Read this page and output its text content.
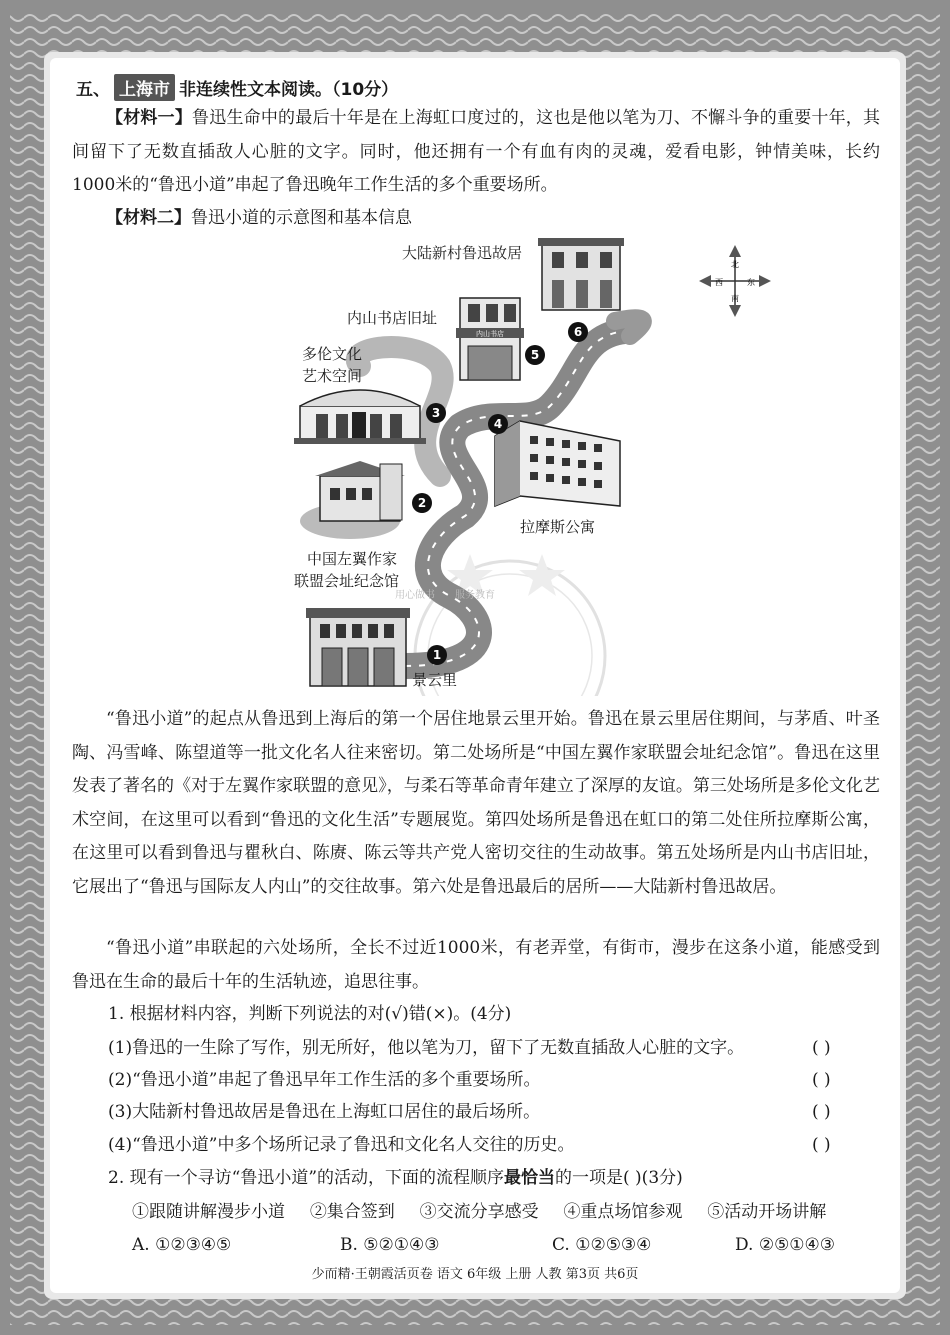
五、 上海市 非连续性文本阅读。（10分）
【材料一】鲁迅生命中的最后十年是在上海虹口度过的，这也是他以笔为刀、不懈斗争的重要十年，其间留下了无数直插敌人心脏的文字。同时，他还拥有一个有血有肉的灵魂，爱看电影，钟情美味，长约1000米的“鲁迅小道”串起了鲁迅晚年工作生活的多个重要场所。
【材料二】鲁迅小道的示意图和基本信息
内山书店
北
南
西	东
1
景云里
2
中国左翼作家
联盟会址纪念馆
3
多伦文化
艺术空间
4
拉摩斯公寓
5
内山书店旧址
6
大陆新村鲁迅故居
用心做书 服务教育
“鲁迅小道”的起点从鲁迅到上海后的第一个居住地景云里开始。鲁迅在景云里居住期间，与茅盾、叶圣陶、冯雪峰、陈望道等一批文化名人往来密切。第二处场所是“中国左翼作家联盟会址纪念馆”。鲁迅在这里发表了著名的《对于左翼作家联盟的意见》，与柔石等革命青年建立了深厚的友谊。第三处场所是多伦文化艺术空间，在这里可以看到“鲁迅的文化生活”专题展览。第四处场所是鲁迅在虹口的第二处住所拉摩斯公寓，在这里可以看到鲁迅与瞿秋白、陈赓、陈云等共产党人密切交往的生动故事。第五处场所是内山书店旧址，它展出了“鲁迅与国际友人内山”的交往故事。第六处是鲁迅最后的居所——大陆新村鲁迅故居。
“鲁迅小道”串联起的六处场所，全长不过近1000米，有老弄堂，有街市，漫步在这条小道，能感受到鲁迅在生命的最后十年的生活轨迹，追思往事。
1. 根据材料内容，判断下列说法的对(√)错(×)。(4分)
(1)鲁迅的一生除了写作，别无所好，他以笔为刀，留下了无数直插敌人心脏的文字。	( )
(2)“鲁迅小道”串起了鲁迅早年工作生活的多个重要场所。	( )
(3)大陆新村鲁迅故居是鲁迅在上海虹口居住的最后场所。	( )
(4)“鲁迅小道”中多个场所记录了鲁迅和文化名人交往的历史。	( )
2. 现有一个寻访“鲁迅小道”的活动，下面的流程顺序最恰当的一项是( )(3分)
①跟随讲解漫步小道 ②集合签到 ③交流分享感受 ④重点场馆参观 ⑤活动开场讲解
A. ①②③④⑤	B. ⑤②①④③	C. ①②⑤③④	D. ②⑤①④③
少而精·王朝霞活页卷 语文 6年级 上册 人教 第3页 共6页
